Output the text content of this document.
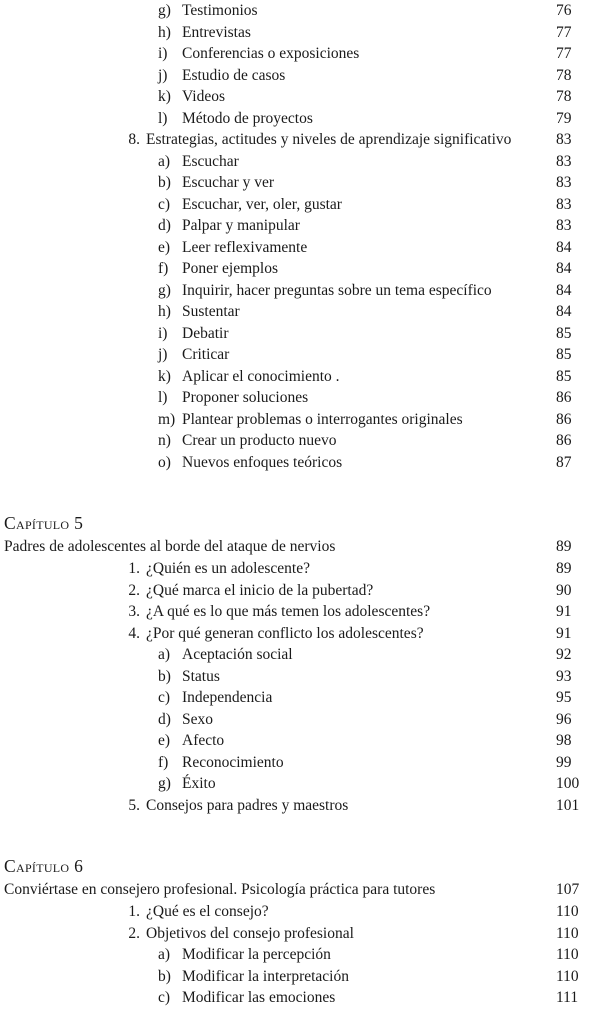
g) Testimonios	76
h) Entrevistas	77
i) Conferencias o exposiciones	77
j) Estudio de casos	78
k) Videos	78
l) Método de proyectos	79
8. Estrategias, actitudes y niveles de aprendizaje significativo	83
a) Escuchar	83
b) Escuchar y ver	83
c) Escuchar, ver, oler, gustar	83
d) Palpar y manipular	83
e) Leer reflexivamente	84
f) Poner ejemplos	84
g) Inquirir, hacer preguntas sobre un tema específico	84
h) Sustentar	84
i) Debatir	85
j) Criticar	85
k) Aplicar el conocimiento .	85
l) Proponer soluciones	86
m) Plantear problemas o interrogantes originales	86
n) Crear un producto nuevo	86
o) Nuevos enfoques teóricos	87
Capítulo 5
Padres de adolescentes al borde del ataque de nervios	89
1. ¿Quién es un adolescente?	89
2. ¿Qué marca el inicio de la pubertad?	90
3. ¿A qué es lo que más temen los adolescentes?	91
4. ¿Por qué generan conflicto los adolescentes?	91
a) Aceptación social	92
b) Status	93
c) Independencia	95
d) Sexo	96
e) Afecto	98
f) Reconocimiento	99
g) Éxito	100
5. Consejos para padres y maestros	101
Capítulo 6
Conviértase en consejero profesional. Psicología práctica para tutores	107
1. ¿Qué es el consejo?	110
2. Objetivos del consejo profesional	110
a) Modificar la percepción	110
b) Modificar la interpretación	110
c) Modificar las emociones	111
